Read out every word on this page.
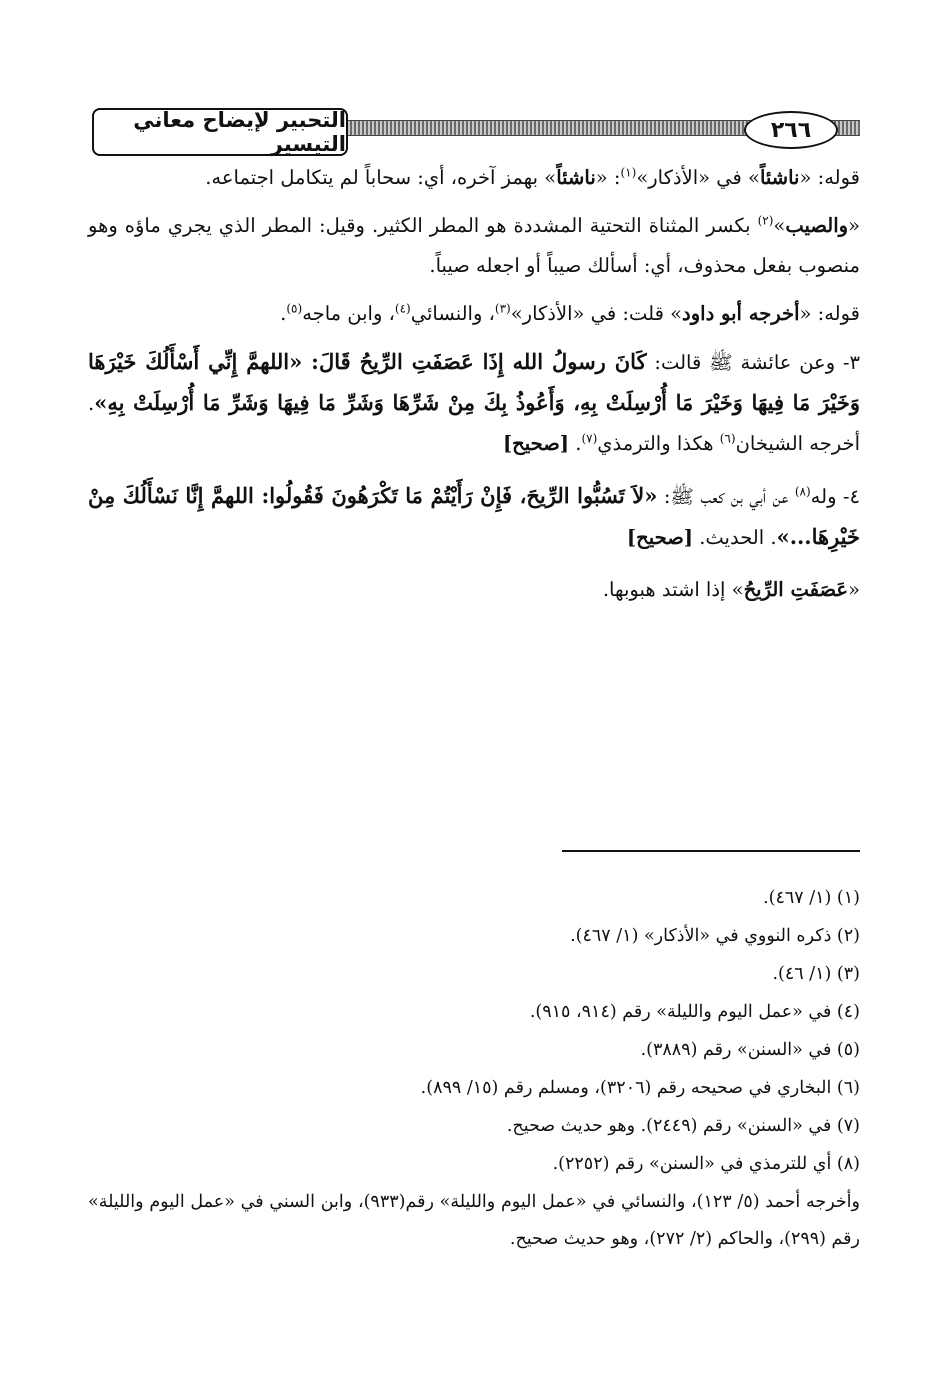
التحبير لإيضاح معاني التيسير
٢٦٦

قوله: «ناشئاً» في «الأذكار»$^{(١)}$: «ناشئاً» بهمز آخره، أي: سحاباً لم يتكامل اجتماعه.

«والصيب»$^{(٢)}$ بكسر المثناة التحتية المشددة هو المطر الكثير. وقيل: المطر الذي يجري ماؤه وهو منصوب بفعل محذوف، أي: أسألك صيباً أو اجعله صيباً.

قوله: «أخرجه أبو داود» قلت: في «الأذكار»$^{(٣)}$، والنسائي$^{(٤)}$، وابن ماجه$^{(٥)}$.

٣- وعن عائشة ﷺ قالت: كَانَ رسولُ الله إِذَا عَصَفَتِ الرِّيحُ قَالَ: «اللهمَّ إِنِّي أَسْأَلُكَ خَيْرَهَا وَخَيْرَ مَا فِيهَا وَخَيْرَ مَا أُرْسِلَتْ بِهِ، وَأَعُوذُ بِكَ مِنْ شَرِّهَا وَشَرِّ مَا فِيهَا وَشَرِّ مَا أُرْسِلَتْ بِهِ». أخرجه الشيخان$^{(٦)}$ هكذا والترمذي$^{(٧)}$. [صحيح]

٤- وله$^{(٨)}$ عن أبي بن كعب ﷺ: «لاَ تَسُبُّوا الرِّيحَ، فَإِنْ رَأَيْتُمْ مَا تَكْرَهُونَ فَقُولُوا: اللهمَّ إِنَّا نَسْأَلُكَ مِنْ خَيْرِهَا...». الحديث. [صحيح]

«عَصَفَتِ الرِّيحُ» إذا اشتد هبوبها.

(١) (١/ ٤٦٧).

(٢) ذكره النووي في «الأذكار» (١/ ٤٦٧).

(٣) (١/ ٤٦).

(٤) في «عمل اليوم والليلة» رقم (٩١٤، ٩١٥).

(٥) في «السنن» رقم (٣٨٨٩).

(٦) البخاري في صحيحه رقم (٣٢٠٦)، ومسلم رقم (١٥/ ٨٩٩).

(٧) في «السنن» رقم (٢٤٤٩). وهو حديث صحيح.

(٨) أي للترمذي في «السنن» رقم (٢٢٥٢).

وأخرجه أحمد (٥/ ١٢٣)، والنسائي في «عمل اليوم والليلة» رقم(٩٣٣)، وابن السني في «عمل اليوم والليلة» رقم (٢٩٩)، والحاكم (٢/ ٢٧٢)، وهو حديث صحيح.
